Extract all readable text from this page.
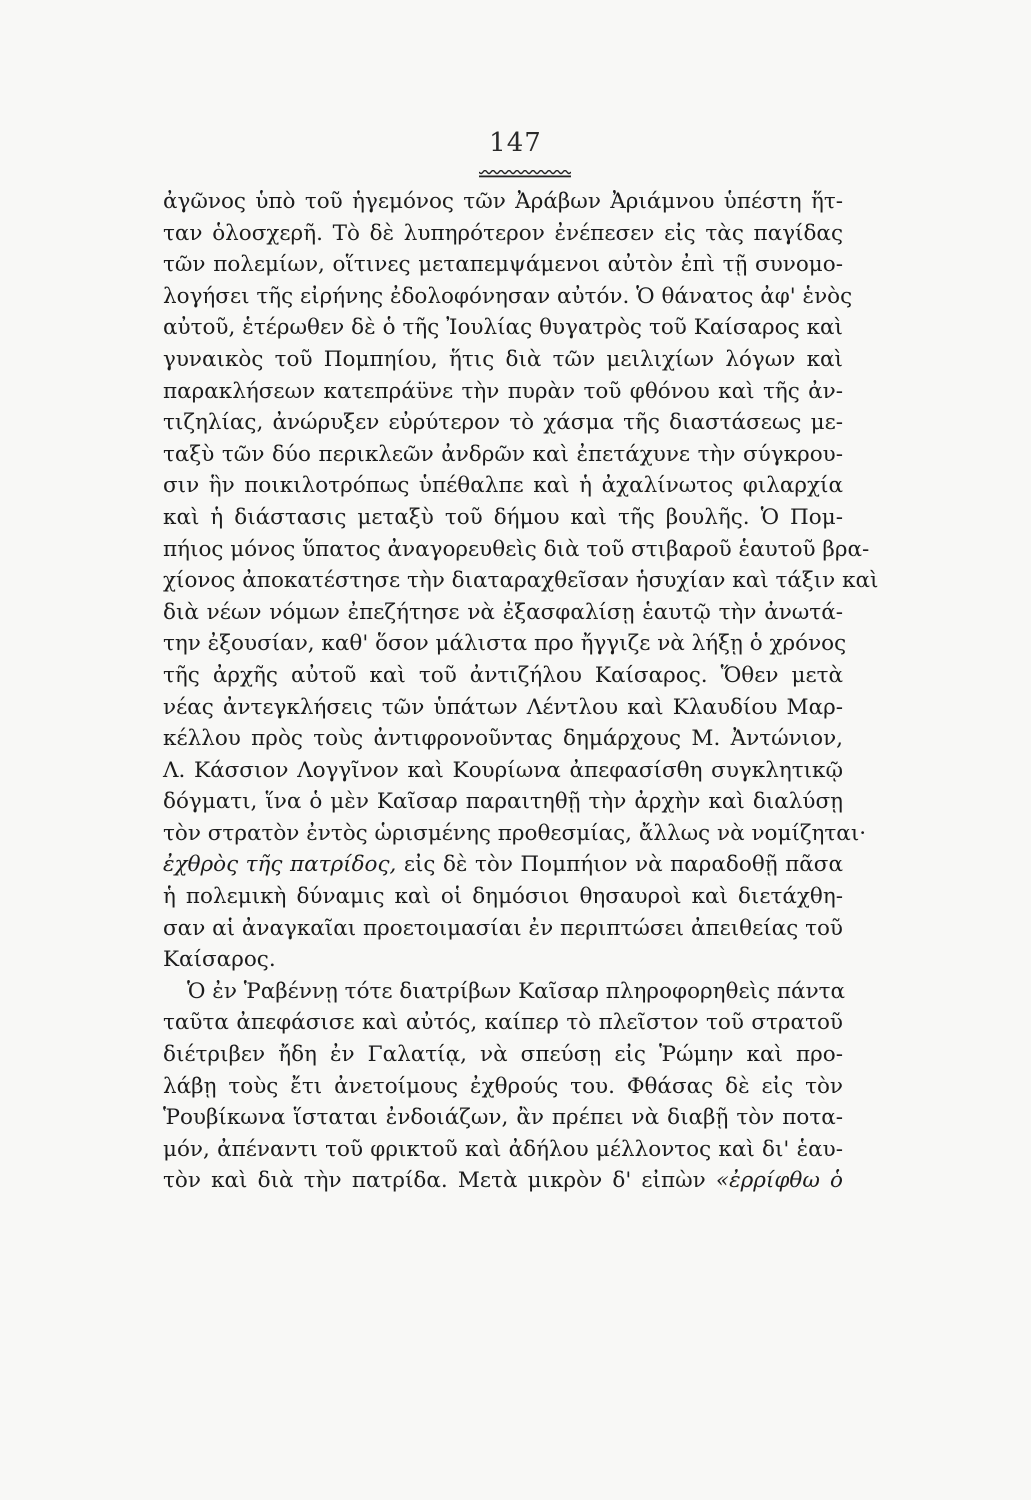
147
ἀγῶνος ὑπὸ τοῦ ἡγεμόνος τῶν Ἀράβων Ἀριάμνου ὑπέστη ἥτ-
ταν ὁλοσχερῆ. Τὸ δὲ λυπηρότερον ἐνέπεσεν εἰς τὰς παγίδας
τῶν πολεμίων, οἵτινες μεταπεμψάμενοι αὐτὸν ἐπὶ τῇ συνομο-
λογήσει τῆς εἰρήνης ἐδολοφόνησαν αὐτόν. Ὁ θάνατος ἀφ' ἑνὸς
αὐτοῦ, ἑτέρωθεν δὲ ὁ τῆς Ἰουλίας θυγατρὸς τοῦ Καίσαρος καὶ
γυναικὸς τοῦ Πομπηίου, ἥτις διὰ τῶν μειλιχίων λόγων καὶ
παρακλήσεων κατεπράϋνε τὴν πυρὰν τοῦ φθόνου καὶ τῆς ἀν-
τιζηλίας, ἀνώρυξεν εὐρύτερον τὸ χάσμα τῆς διαστάσεως με-
ταξὺ τῶν δύο περικλεῶν ἀνδρῶν καὶ ἐπετάχυνε τὴν σύγκρου-
σιν ἣν ποικιλοτρόπως ὑπέθαλπε καὶ ἡ ἀχαλίνωτος φιλαρχία
καὶ ἡ διάστασις μεταξὺ τοῦ δήμου καὶ τῆς βουλῆς. Ὁ Πομ-
πήιος μόνος ὕπατος ἀναγορευθεὶς διὰ τοῦ στιβαροῦ ἑαυτοῦ βρα-
χίονος ἀποκατέστησε τὴν διαταραχθεῖσαν ἡσυχίαν καὶ τάξιν καὶ
διὰ νέων νόμων ἐπεζήτησε νὰ ἐξασφαλίσῃ ἑαυτῷ τὴν ἀνωτά-
την ἐξουσίαν, καθ' ὅσον μάλιστα προ ἤγγιζε νὰ λήξῃ ὁ χρόνος
τῆς ἀρχῆς αὐτοῦ καὶ τοῦ ἀντιζήλου Καίσαρος. Ὅθεν μετὰ
νέας ἀντεγκλήσεις τῶν ὑπάτων Λέντλου καὶ Κλαυδίου Μαρ-
κέλλου πρὸς τοὺς ἀντιφρονοῦντας δημάρχους Μ. Ἀντώνιον,
Λ. Κάσσιον Λογγῖνον καὶ Κουρίωνα ἀπεφασίσθη συγκλητικῷ
δόγματι, ἵνα ὁ μὲν Καῖσαρ παραιτηθῇ τὴν ἀρχὴν καὶ διαλύσῃ
τὸν στρατὸν ἐντὸς ὡρισμένης προθεσμίας, ἄλλως νὰ νομίζηται·
ἐχθρὸς τῆς πατρίδος, εἰς δὲ τὸν Πομπήιον νὰ παραδοθῇ πᾶσα
ἡ πολεμικὴ δύναμις καὶ οἱ δημόσιοι θησαυροὶ καὶ διετάχθη-
σαν αἱ ἀναγκαῖαι προετοιμασίαι ἐν περιπτώσει ἀπειθείας τοῦ
Καίσαρος.
Ὁ ἐν Ῥαβέννῃ τότε διατρίβων Καῖσαρ πληροφορηθεὶς πάντα
ταῦτα ἀπεφάσισε καὶ αὐτός, καίπερ τὸ πλεῖστον τοῦ στρατοῦ
διέτριβεν ἤδη ἐν Γαλατίᾳ, νὰ σπεύσῃ εἰς Ῥώμην καὶ προ-
λάβῃ τοὺς ἔτι ἀνετοίμους ἐχθρούς του. Φθάσας δὲ εἰς τὸν
Ῥουβίκωνα ἵσταται ἐνδοιάζων, ἂν πρέπει νὰ διαβῇ τὸν ποτα-
μόν, ἀπέναντι τοῦ φρικτοῦ καὶ ἀδήλου μέλλοντος καὶ δι' ἑαυ-
τὸν καὶ διὰ τὴν πατρίδα. Μετὰ μικρὸν δ' εἰπὼν «ἐρρίφθω ὁ
